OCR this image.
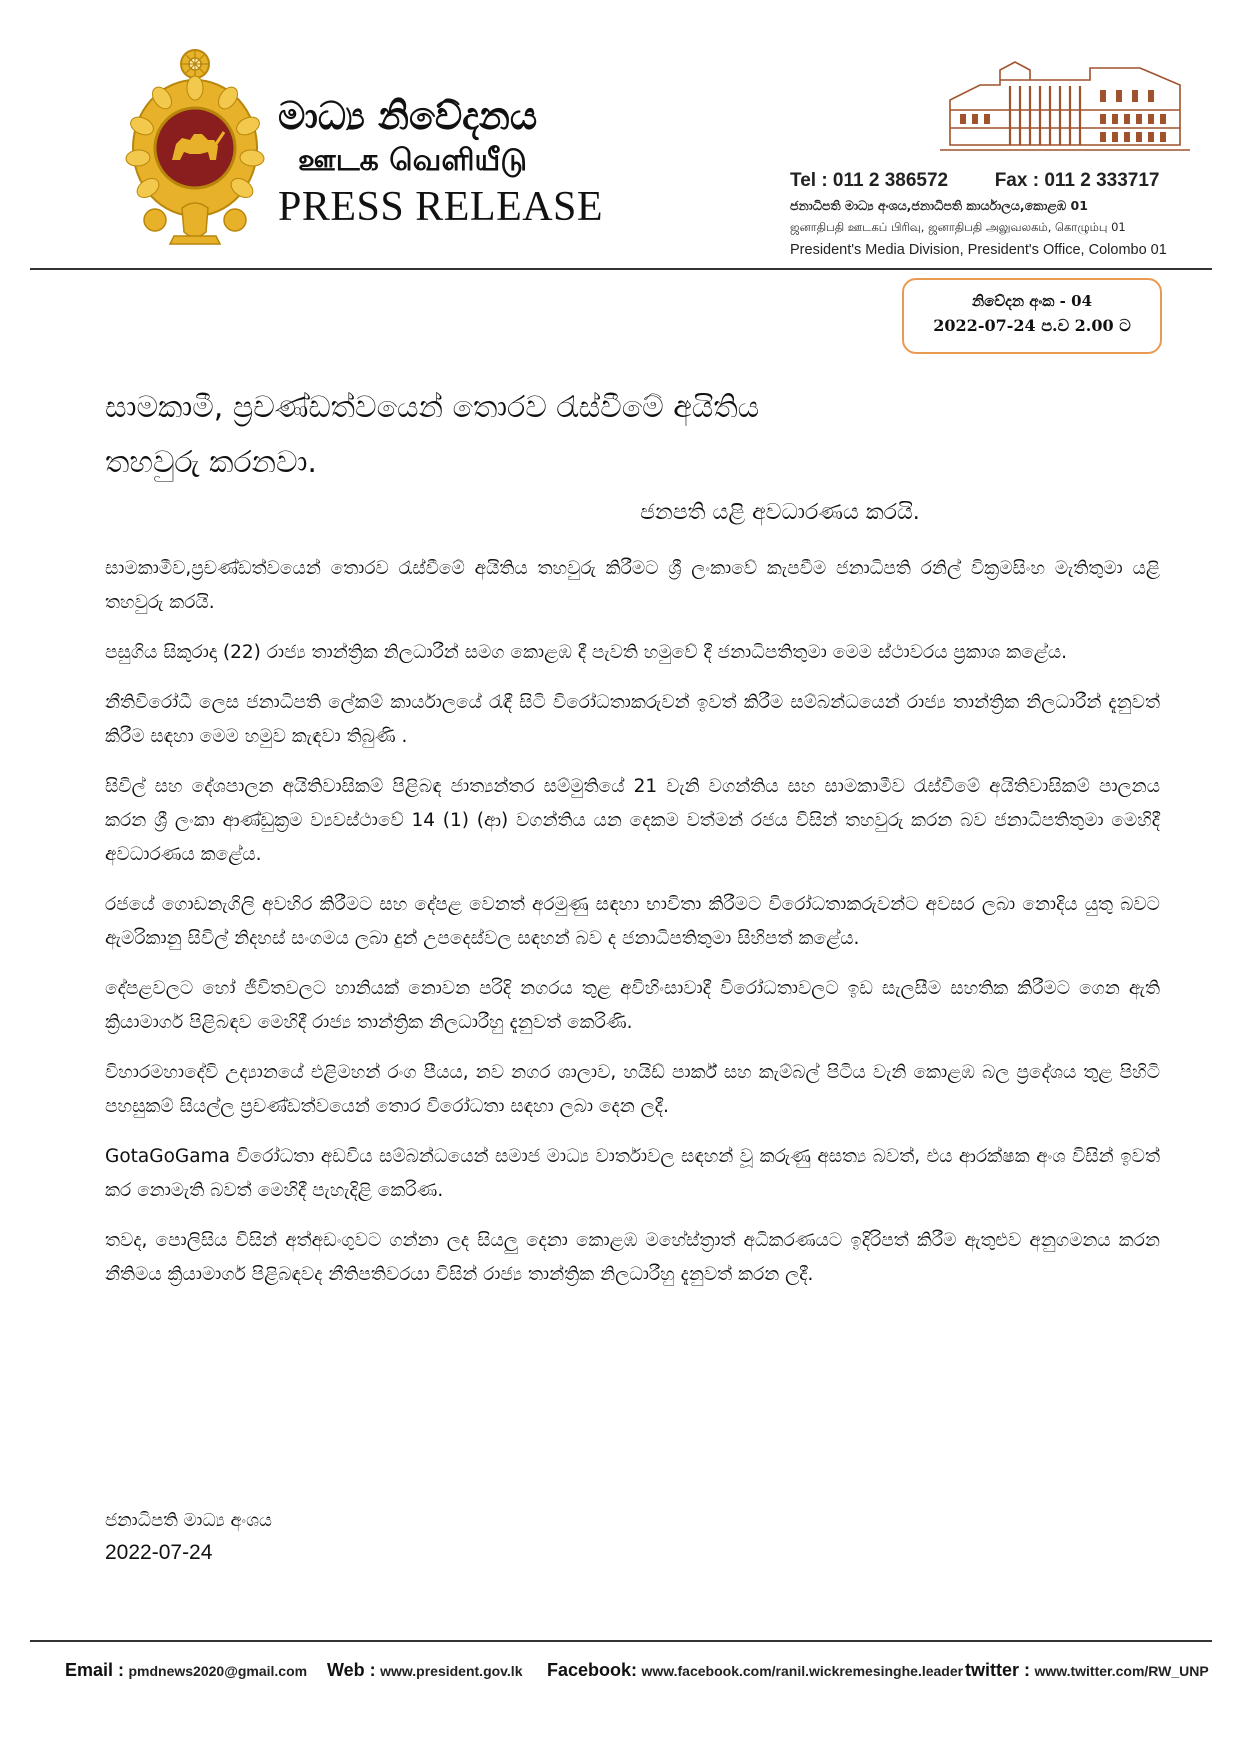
මාධ්‍ය නිවේදනය
ஊடக வெளியீடு
PRESS RELEASE
Tel : 011 2 386572 Fax : 011 2 333717
ජනාධිපති මාධ්‍ය අංශය,ජනාධිපති කාර්යාලය,කොළඹ 01
ஜனாதிபதி ஊடகப் பிரிவு, ஜனாதிபதி அலுவலகம், கொழும்பு 01
President's Media Division, President's Office, Colombo 01
නිවේදන අංක - 04
2022-07-24 ප.ව 2.00 ට
සාමකාමී, ප්‍රචණ්ඩත්වයෙන් තොරව රැස්වීමේ අයිතිය
තහවුරු කරනවා.
ජනපති යළි අවධාරණය කරයි.

සාමකාමීව,ප්‍රචණ්ඩත්වයෙන් තොරව රැස්වීමේ අයිතිය තහවුරු කිරීමට ශ්‍රී ලංකාවේ කැපවීම ජනාධිපති රනිල් වික්‍රමසිංහ මැතිතුමා යළි තහවුරු කරයි.

පසුගිය සිකුරාදා (22) රාජ්‍ය තාන්ත්‍රික නිලධාරීන් සමග කොළඹ දී පැවති හමුවේ දී ජනාධිපතිතුමා මෙම ස්ථාවරය ප්‍රකාශ කළේය.

නීතිවිරෝධී ලෙස ජනාධිපති ලේකම් කාර්යාලයේ රැඳී සිටි විරෝධතාකරුවන් ඉවත් කිරීම සම්බන්ධයෙන් රාජ්‍ය තාන්ත්‍රික නිලධාරීන් දැනුවත් කිරීම සඳහා මෙම හමුව කැඳවා තිබුණි .

සිවිල් සහ දේශපාලන අයිතිවාසිකම් පිළිබඳ ජාත්‍යන්තර සම්මුතියේ 21 වැනි වගන්තිය සහ සාමකාමීව රැස්වීමේ අයිතිවාසිකම් පාලනය කරන ශ්‍රී ලංකා ආණ්ඩුක්‍රම ව්‍යවස්ථාවේ 14 (1) (ආ) වගන්තිය යන දෙකම වත්මන් රජය විසින් තහවුරු කරන බව ජනාධිපතිතුමා මෙහිදී අවධාරණය කළේය.

රජයේ ගොඩනැගිලි අවහිර කිරීමට සහ දේපළ වෙනත් අරමුණු සඳහා භාවිතා කිරීමට විරෝධතාකරුවන්ට අවසර ලබා නොදිය යුතු බවට ඇමරිකානු සිවිල් නිදහස් සංගමය ලබා දුන් උපදෙස්වල සඳහන් බව ද ජනාධිපතිතුමා සිහිපත් කළේය.

දේපළවලට හෝ ජීවිතවලට හානියක් නොවන පරිදි නගරය තුළ අවිහිංසාවාදී විරෝධතාවලට ඉඩ සැලසීම සහතික කිරීමට ගෙන ඇති ක්‍රියාමාර්ග පිළිබඳව මෙහිදී රාජ්‍ය තාන්ත්‍රික නිලධාරීහු දැනුවත් කෙරිණි.

විහාරමහාදේවි උද්‍යානයේ එළිමහන් රංග පීයය, නව නගර ශාලාව, හයිඩ් පාර්ක් සහ කැම්බල් පිටිය වැනි කොළඹ බල ප්‍රදේශය තුළ පිහිටි පහසුකම් සියල්ල ප්‍රචණ්ඩත්වයෙන් තොර විරෝධතා සඳහා ලබා දෙන ලදී.

GotaGoGama විරෝධතා අඩවිය සම්බන්ධයෙන් සමාජ මාධ්‍ය වාර්තාවල සඳහන් වූ කරුණු අසත්‍ය බවත්, එය ආරක්ෂක අංශ විසින් ඉවත් කර නොමැති බවත් මෙහිදී පැහැදිළි කෙරිණ.

තවද, පොලිසිය විසින් අත්අඩංගුවට ගන්නා ලද සියලු දෙනා කොළඹ මහේස්ත්‍රාත් අධිකරණයට ඉදිරිපත් කිරීම ඇතුළුව අනුගමනය කරන නීතිමය ක්‍රියාමාර්ග පිළිබඳවද නීතිපතිවරයා විසින් රාජ්‍ය තාන්ත්‍රික නිලධාරීහු දැනුවත් කරන ලදී.

ජනාධිපති මාධ්‍ය අංශය
2022-07-24
Email : pmdnews2020@gmail.com Web : www.president.gov.lk Facebook: www.facebook.com/ranil.wickremesinghe.leader twitter : www.twitter.com/RW_UNP
